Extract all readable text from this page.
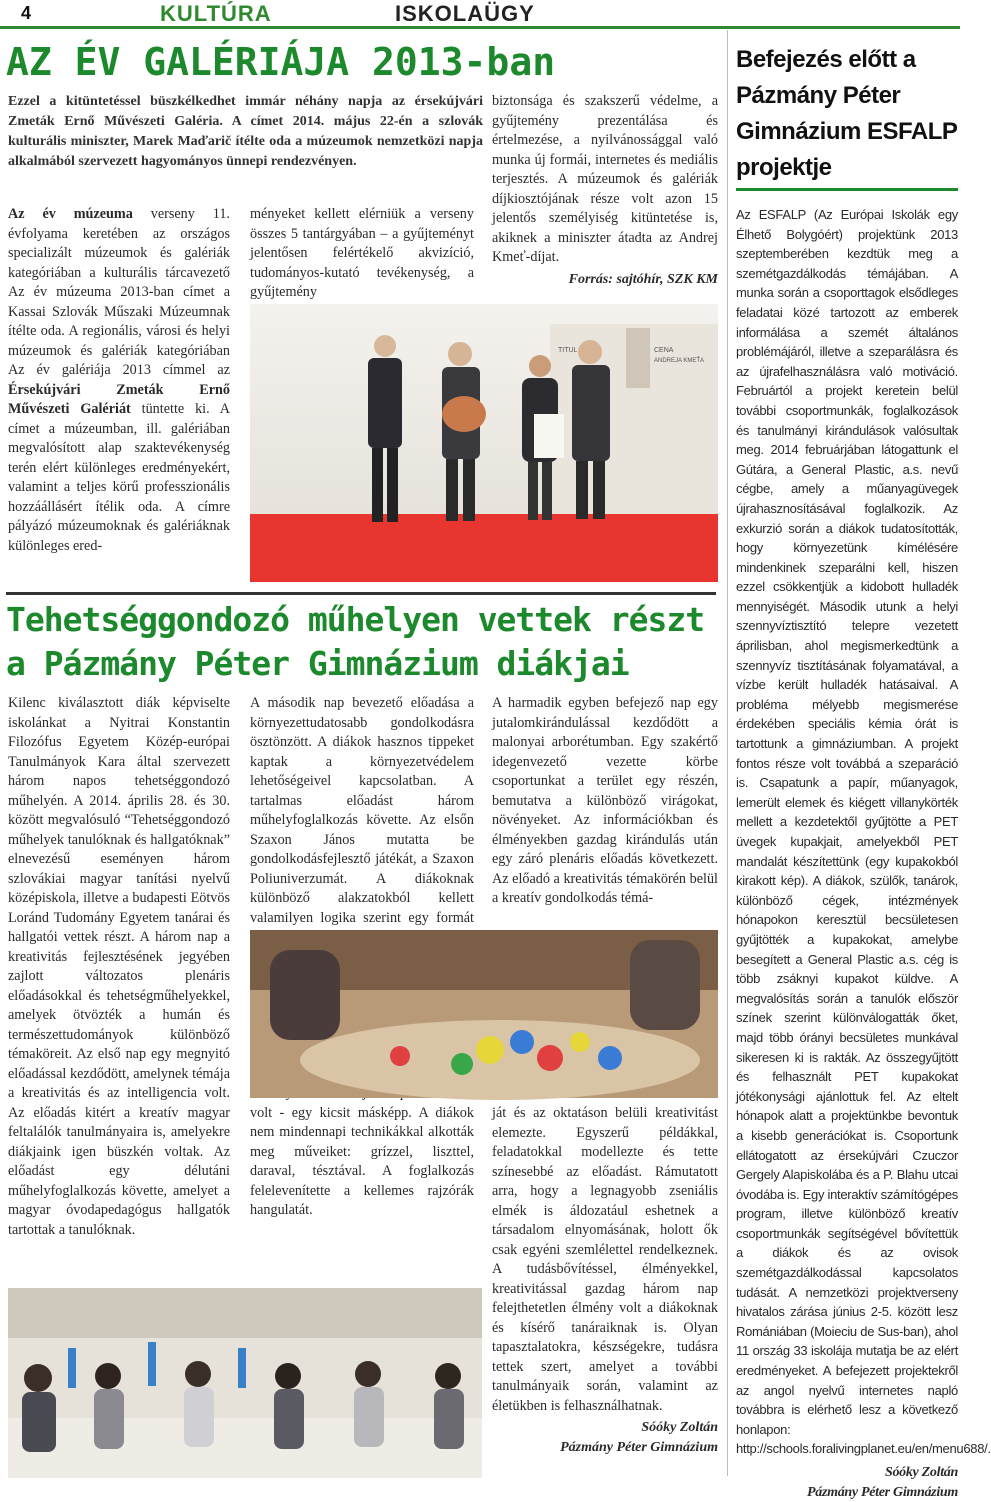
4	KULTÚRA	ISKOLAÜGY
AZ ÉV GALÉRIÁJA 2013-ban
Ezzel a kitüntetéssel büszkélkedhet immár néhány napja az érsekújvári Zmeták Ernő Művészeti Galéria. A címet 2014. május 22-én a szlovák kulturális miniszter, Marek Maďarič ítélte oda a múzeumok nemzetközi napja alkalmából szervezett hagyományos ünnepi rendezvényen.

Az év múzeuma verseny 11. évfolyama keretében az országos specializált múzeumok és galériák kategóriában a kulturális tárcavezető Az év múzeuma 2013-ban címet a Kassai Szlovák Műszaki Múzeumnak ítélte oda. A regionális, városi és helyi múzeumok és galériák kategóriában Az év galériája 2013 címmel az Érsekújvári Zmeták Ernő Művészeti Galériát tüntette ki. A címet a múzeumban, ill. galériában megvalósított alap szaktevékenység terén elért különleges eredményekért, valamint a teljes körű professzionális hozzáállásért ítélik oda. A címre pályázó múzeumoknak és galériáknak különleges ered-

ményeket kellett elérniük a verseny összes 5 tantárgyában – a gyűjteményt jelentősen felértékelő akvizíció, tudományos-kutató tevékenység, a gyűjtemény

biztonsága és szakszerű védelme, a gyűjtemény prezentálása és értelmezése, a nyilvánossággal való munka új formái, internetes és mediális terjesztés. A múzeumok és galériák díjkiosztójának része volt azon 15 jelentős személyiség kitüntetése is, akiknek a miniszter átadta az Andrej Kmeť-díjat.

Forrás: sajtóhír, SZK KM

TITUL	CENA
ANDREJA KMEŤA
Tehetséggondozó műhelyen vettek részt a Pázmány Péter Gimnázium diákjai

Kilenc kiválasztott diák képviselte iskolánkat a Nyitrai Konstantin Filozófus Egyetem Közép-európai Tanulmányok Kara által szervezett három napos tehetséggondozó műhelyén. A 2014. április 28. és 30. között megvalósuló “Tehetséggondozó műhelyek tanulóknak és hallgatóknak” elnevezésű eseményen három szlovákiai magyar tanítási nyelvű középiskola, illetve a budapesti Eötvös Loránd Tudomány Egyetem tanárai és hallgatói vettek részt. A három nap a kreativitás fejlesztésének jegyében zajlott változatos plenáris előadásokkal és tehetségműhelyekkel, amelyek ötvözték a humán és természettudományok különböző témaköreit. Az első nap egy megnyitó előadással kezdődött, amelynek témája a kreativitás és az intelligencia volt. Az előadás kitért a kreatív magyar feltalálók tanulmányaira is, amelyekre diákjaink igen büszkén voltak. Az előadást egy délutáni műhelyfoglalkozás követte, amelyet a magyar óvodapedagógus hallgatók tartottak a tanulóknak.

A második nap bevezető előadása a környezettudatosabb gondolkodásra ösztönzött. A diákok hasznos tippeket kaptak a környezetvédelem lehetőségeivel kapcsolatban. A tartalmas előadást három műhelyfoglalkozás követte. Az elsőn Szaxon János mutatta be gondolkodásfejlesztő játékát, a Szaxon Poliuniverzumát. A diákoknak különböző alakzatokból kellett valamilyen logika szerint egy formát volt - egy kicsit másképp. A diákok nem mindennapi technikákkal alkották meg műveiket: grízzel, liszttel, daraval, tésztával. A foglalkozás felelevenítette a kellemes rajzórák hangulatát.

A harmadik egyben befejező nap egy jutalomkirándulással kezdődött a malonyai arborétumban. Egy szakértő idegenvezető vezette körbe csoportunkat a terület egy részén, bemutatva a különböző virágokat, növényeket. Az információkban és élményekben gazdag kirándulás után egy záró plenáris előadás következett. Az előadó a kreativitás témakörén belül a kreatív gondolkodás témá-

ját és az oktatáson belüli kreativitást elemezte. Egyszerű példákkal, feladatokkal modellezte és tette színesebbé az előadást. Rámutatott arra, hogy a legnagyobb zseniális elmék is áldozatául eshetnek a társadalom elnyomásának, holott ők csak egyéni szemlélettel rendelkeznek. A tudásbővítéssel, élményekkel, kreativitással gazdag három nap felejthetetlen élmény volt a diákoknak és kísérő tanáraiknak is. Olyan tapasztalatokra, készségekre, tudásra tettek szert, amelyet a további tanulmányaik során, valamint az életükben is felhasználhatnak.

Sóóky Zoltán

Pázmány Péter Gimnázium

Befejezés előtt a Pázmány Péter Gimnázium ESFALP projektje

Az ESFALP (Az Európai Iskolák egy Élhető Bolygóért) projektünk 2013 szeptemberében kezdtük meg a szemétgazdálkodás témájában. A munka során a csoporttagok elsődleges feladatai közé tartozott az emberek informálása a szemét általános problémájáról, illetve a szeparálásra és az újrafelhasználásra való motiváció. Februártól a projekt keretein belül további csoportmunkák, foglalkozások és tanulmányi kirándulások valósultak meg. 2014 februárjában látogattunk el Gútára, a General Plastic, a.s. nevű cégbe, amely a műanyagüvegek újrahasznosításával foglalkozik. Az exkurzió során a diákok tudatosították, hogy környezetünk kímélésére mindenkinek szeparálni kell, hiszen ezzel csökkentjük a kidobott hulladék mennyiségét. Második utunk a helyi szennyvíztisztító telepre vezetett áprilisban, ahol megismerkedtünk a szennyvíz tisztításának folyamatával, a vízbe került hulladék hatásaival. A probléma mélyebb megismerése érdekében speciális kémia órát is tartottunk a gimnáziumban. A projekt fontos része volt továbbá a szeparáció is. Csapatunk a papír, műanyagok, lemerült elemek és kiégett villanykörték mellett a kezdetektől gyűjtötte a PET üvegek kupakjait, amelyekből PET mandalát készítettünk (egy kupakokból kirakott kép). A diákok, szülők, tanárok, különböző cégek, intézmények hónapokon keresztül becsületesen gyűjtötték a kupakokat, amelybe besegített a General Plastic a.s. cég is több zsáknyi kupakot küldve. A megvalósítás során a tanulók először színek szerint különválogatták őket, majd több órányi becsületes munkával sikeresen ki is rakták. Az összegyűjtött és felhasznált PET kupakokat jótékonysági ajánlottuk fel. Az eltelt hónapok alatt a projektünkbe bevontuk a kisebb generációkat is. Csoportunk ellátogatott az érsekújvári Czuczor Gergely Alapiskolába és a P. Blahu utcai óvodába is. Egy interaktív számítógépes program, illetve különböző kreatív csoportmunkák segítségével bővítettük a diákok és az ovisok szemétgazdálkodással kapcsolatos tudását. A nemzetközi projektverseny hivatalos zárása június 2-5. között lesz Romániában (Moieciu de Sus-ban), ahol 11 ország 33 iskolája mutatja be az elért eredményeket. A befejezett projektekről az angol nyelvű internetes napló továbbra is elérhető lesz a következő honlapon: http://schools.foralivingplanet.eu/en/menu688/.

Sóóky Zoltán

Pázmány Péter Gimnázium
